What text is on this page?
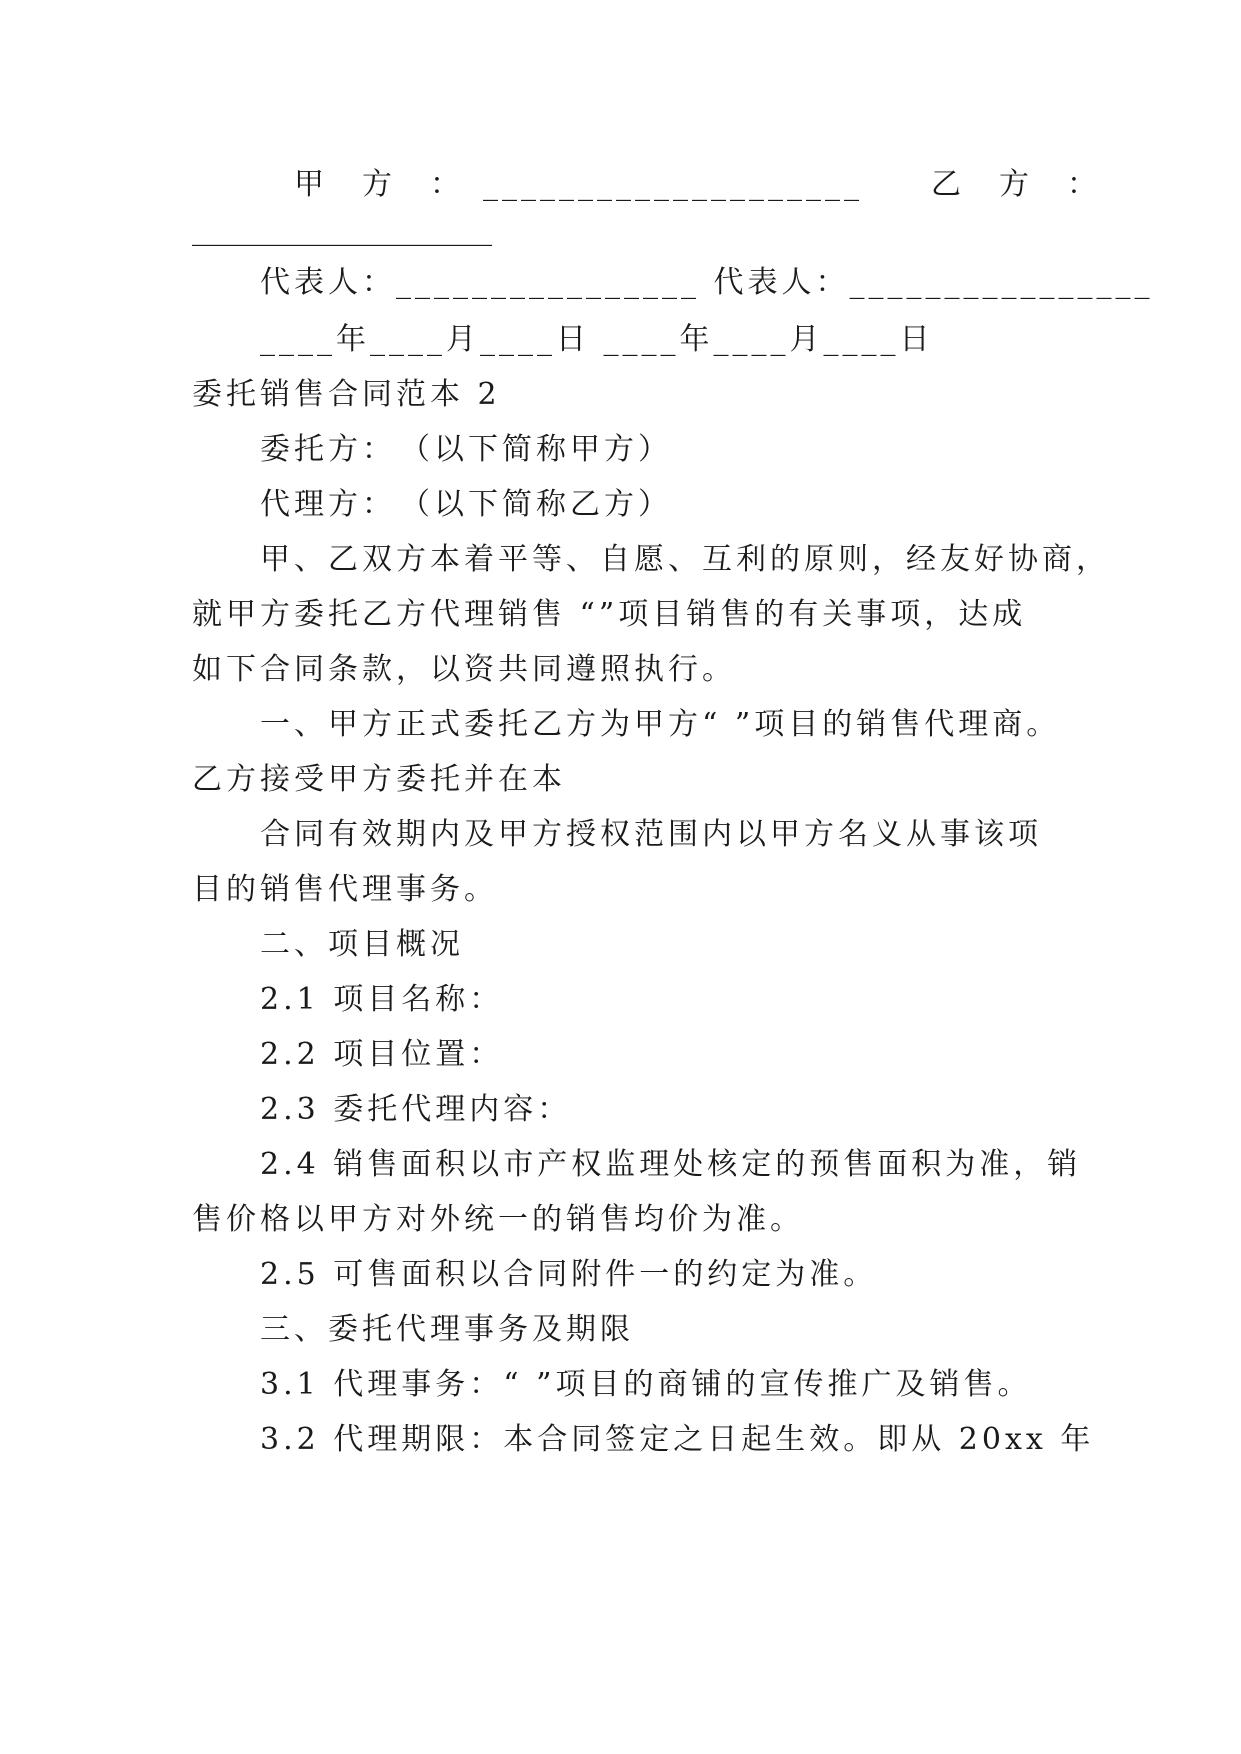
　　　甲　方　：　____________________　　乙　方　：
____________________
　　代表人：________________ 代表人：________________
　　____年____月____日 ____年____月____日
委托销售合同范本 2
　　委托方：　（以下简称甲方）
　　代理方：　（以下简称乙方）
　　甲、乙双方本着平等、自愿、互利的原则，经友好协商，
就甲方委托乙方代理销售 “”项目销售的有关事项，达成
如下合同条款，以资共同遵照执行。
　　一、甲方正式委托乙方为甲方“ ”项目的销售代理商。
乙方接受甲方委托并在本
　　合同有效期内及甲方授权范围内以甲方名义从事该项
目的销售代理事务。
　　二、项目概况
　　2.1 项目名称：
　　2.2 项目位置：
　　2.3 委托代理内容：
　　2.4 销售面积以市产权监理处核定的预售面积为准，销
售价格以甲方对外统一的销售均价为准。
　　2.5 可售面积以合同附件一的约定为准。
　　三、委托代理事务及期限
　　3.1 代理事务：“ ”项目的商铺的宣传推广及销售。
　　3.2 代理期限：本合同签定之日起生效。即从 20xx 年
